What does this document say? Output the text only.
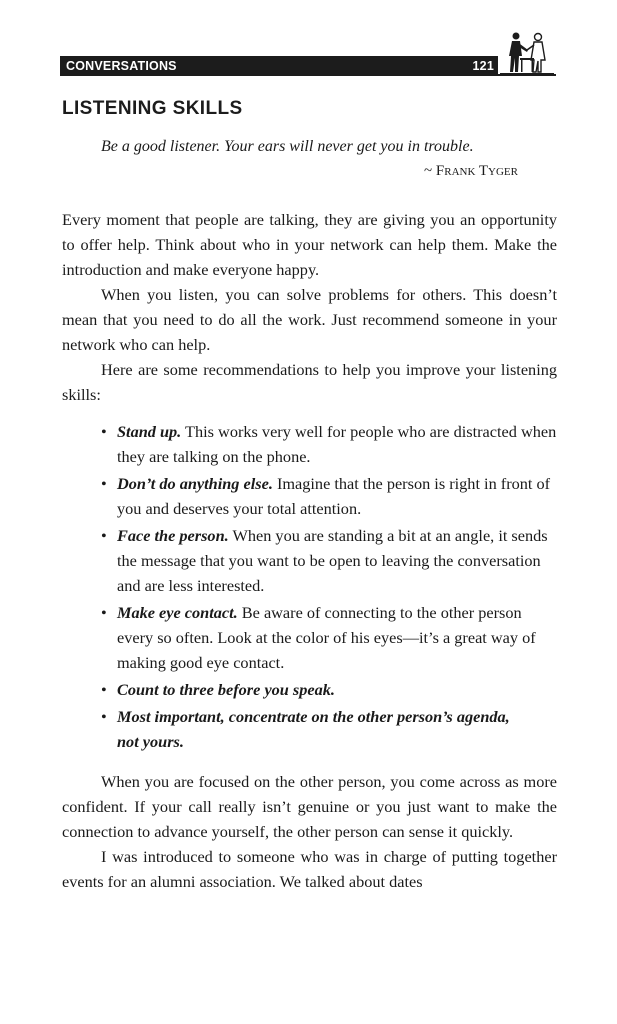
CONVERSATIONS	121
LISTENING SKILLS
Be a good listener. Your ears will never get you in trouble.
~ Frank Tyger

Every moment that people are talking, they are giving you an opportunity to offer help. Think about who in your network can help them. Make the introduction and make everyone happy.

When you listen, you can solve problems for others. This doesn’t mean that you need to do all the work. Just recommend someone in your network who can help.

Here are some recommendations to help you improve your listening skills:

• Stand up. This works very well for people who are distracted when they are talking on the phone.
• Don’t do anything else. Imagine that the person is right in front of you and deserves your total attention.
• Face the person. When you are standing a bit at an angle, it sends the message that you want to be open to leaving the conversation and are less interested.
• Make eye contact. Be aware of connecting to the other person every so often. Look at the color of his eyes—it’s a great way of making good eye contact.
• Count to three before you speak.
• Most important, concentrate on the other person’s agenda, not yours.

When you are focused on the other person, you come across as more confident. If your call really isn’t genuine or you just want to make the connection to advance yourself, the other person can sense it quickly.

I was introduced to someone who was in charge of putting together events for an alumni association. We talked about dates
